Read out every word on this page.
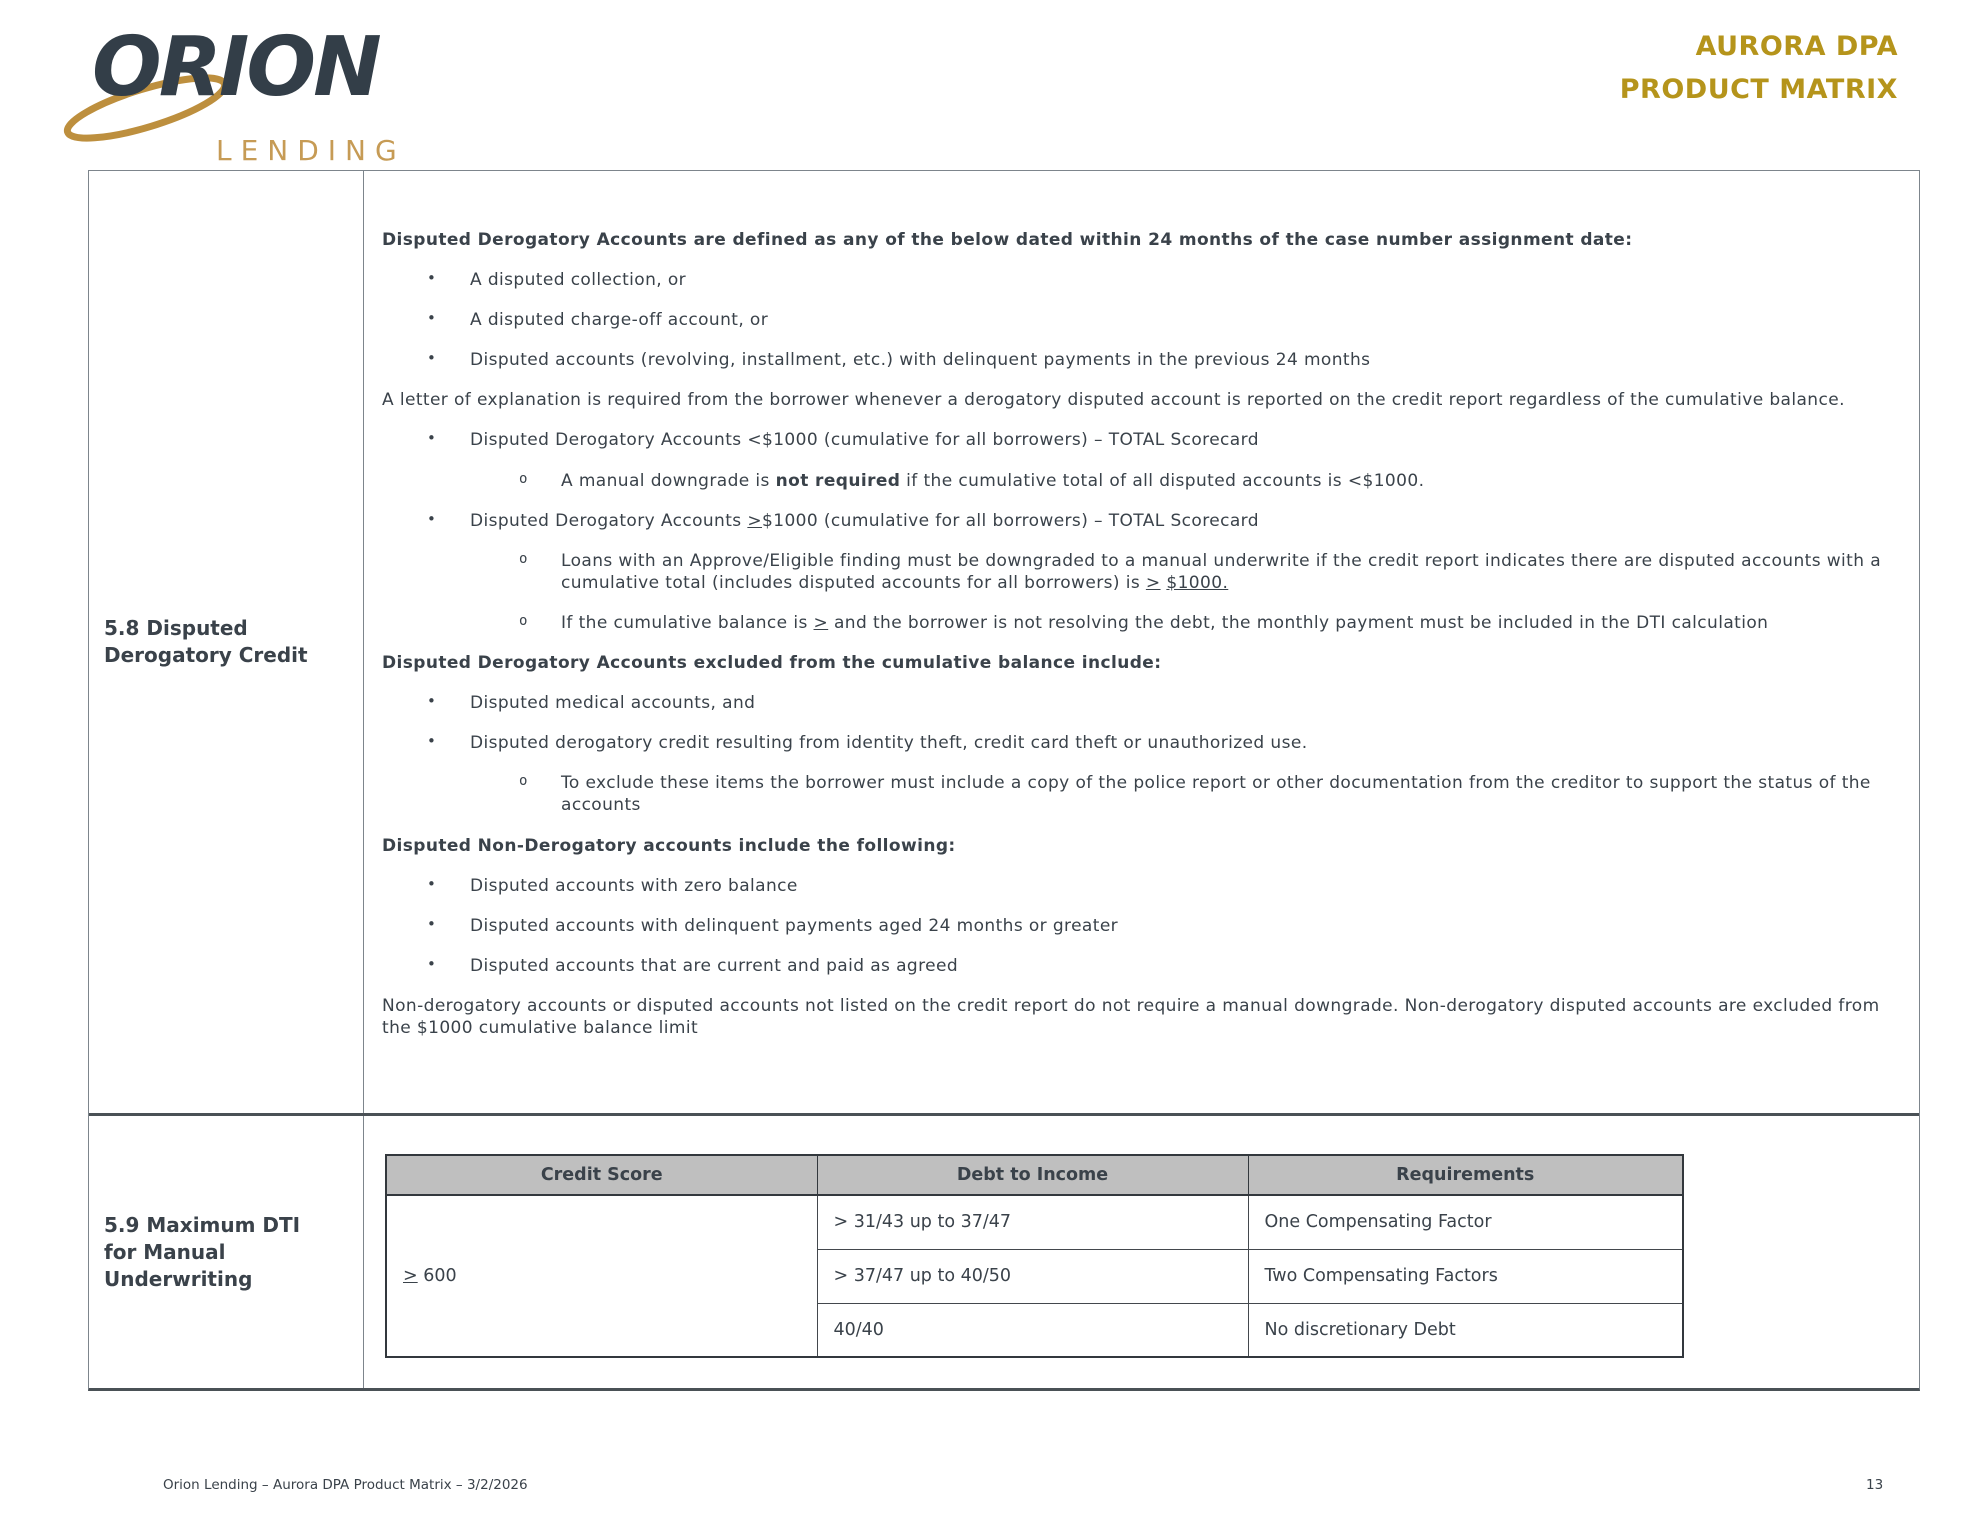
ORION
LENDING
AURORA DPA
PRODUCT MATRIX
5.8 Disputed Derogatory Credit
Disputed Derogatory Accounts are defined as any of the below dated within 24 months of the case number assignment date:
•	A disputed collection, or
•	A disputed charge-off account, or
•	Disputed accounts (revolving, installment, etc.) with delinquent payments in the previous 24 months
A letter of explanation is required from the borrower whenever a derogatory disputed account is reported on the credit report regardless of the cumulative balance.
•	Disputed Derogatory Accounts <$1000 (cumulative for all borrowers) – TOTAL Scorecard
o	A manual downgrade is not required if the cumulative total of all disputed accounts is <$1000.
•	Disputed Derogatory Accounts >$1000 (cumulative for all borrowers) – TOTAL Scorecard
o	Loans with an Approve/Eligible finding must be downgraded to a manual underwrite if the credit report indicates there are disputed accounts with a cumulative total (includes disputed accounts for all borrowers) is > $1000.
o	If the cumulative balance is > and the borrower is not resolving the debt, the monthly payment must be included in the DTI calculation
Disputed Derogatory Accounts excluded from the cumulative balance include:
•	Disputed medical accounts, and
•	Disputed derogatory credit resulting from identity theft, credit card theft or unauthorized use.
o	To exclude these items the borrower must include a copy of the police report or other documentation from the creditor to support the status of the accounts
Disputed Non-Derogatory accounts include the following:
•	Disputed accounts with zero balance
•	Disputed accounts with delinquent payments aged 24 months or greater
•	Disputed accounts that are current and paid as agreed
Non-derogatory accounts or disputed accounts not listed on the credit report do not require a manual downgrade. Non-derogatory disputed accounts are excluded from the $1000 cumulative balance limit
5.9 Maximum DTI for Manual Underwriting
Credit Score	Debt to Income	Requirements
> 600	> 31/43 up to 37/47	One Compensating Factor
	> 37/47 up to 40/50	Two Compensating Factors
	40/40	No discretionary Debt
Orion Lending – Aurora DPA Product Matrix – 3/2/2026	13
